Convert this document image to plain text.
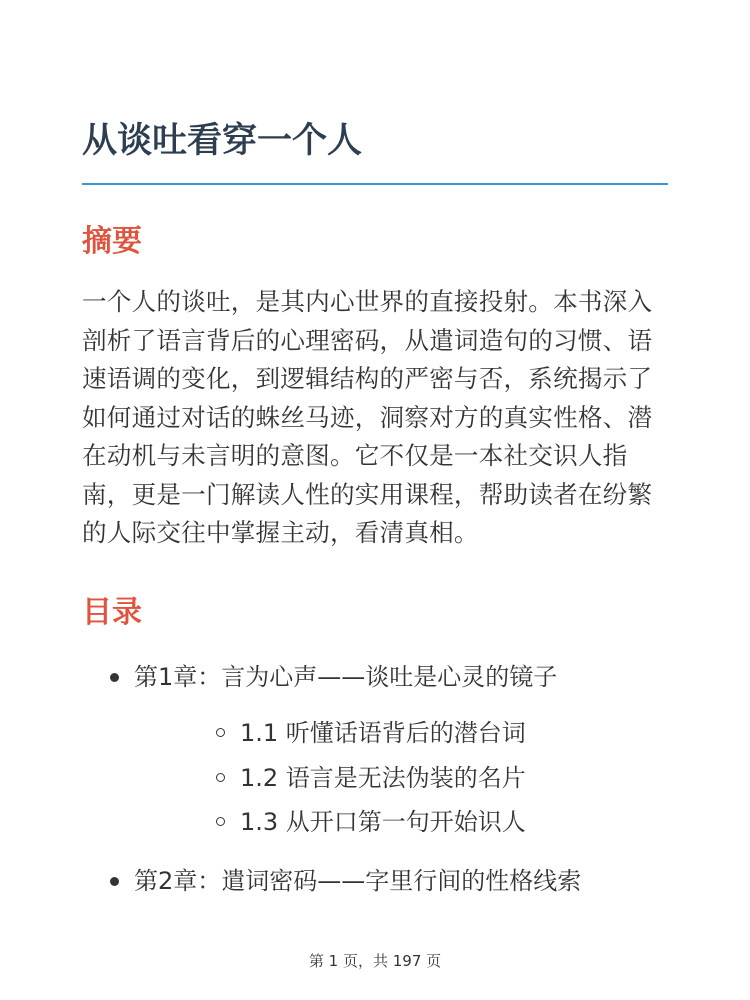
从谈吐看穿一个人
摘要

一个人的谈吐，是其内心世界的直接投射。本书深入剖析了语言背后的心理密码，从遣词造句的习惯、语速语调的变化，到逻辑结构的严密与否，系统揭示了如何通过对话的蛛丝马迹，洞察对方的真实性格、潜在动机与未言明的意图。它不仅是一本社交识人指南，更是一门解读人性的实用课程，帮助读者在纷繁的人际交往中掌握主动，看清真相。

目录
第1章：言为心声——谈吐是心灵的镜子
1.1 听懂话语背后的潜台词
1.2 语言是无法伪装的名片
1.3 从开口第一句开始识人
第2章：遣词密码——字里行间的性格线索
第 1 页，共 197 页
